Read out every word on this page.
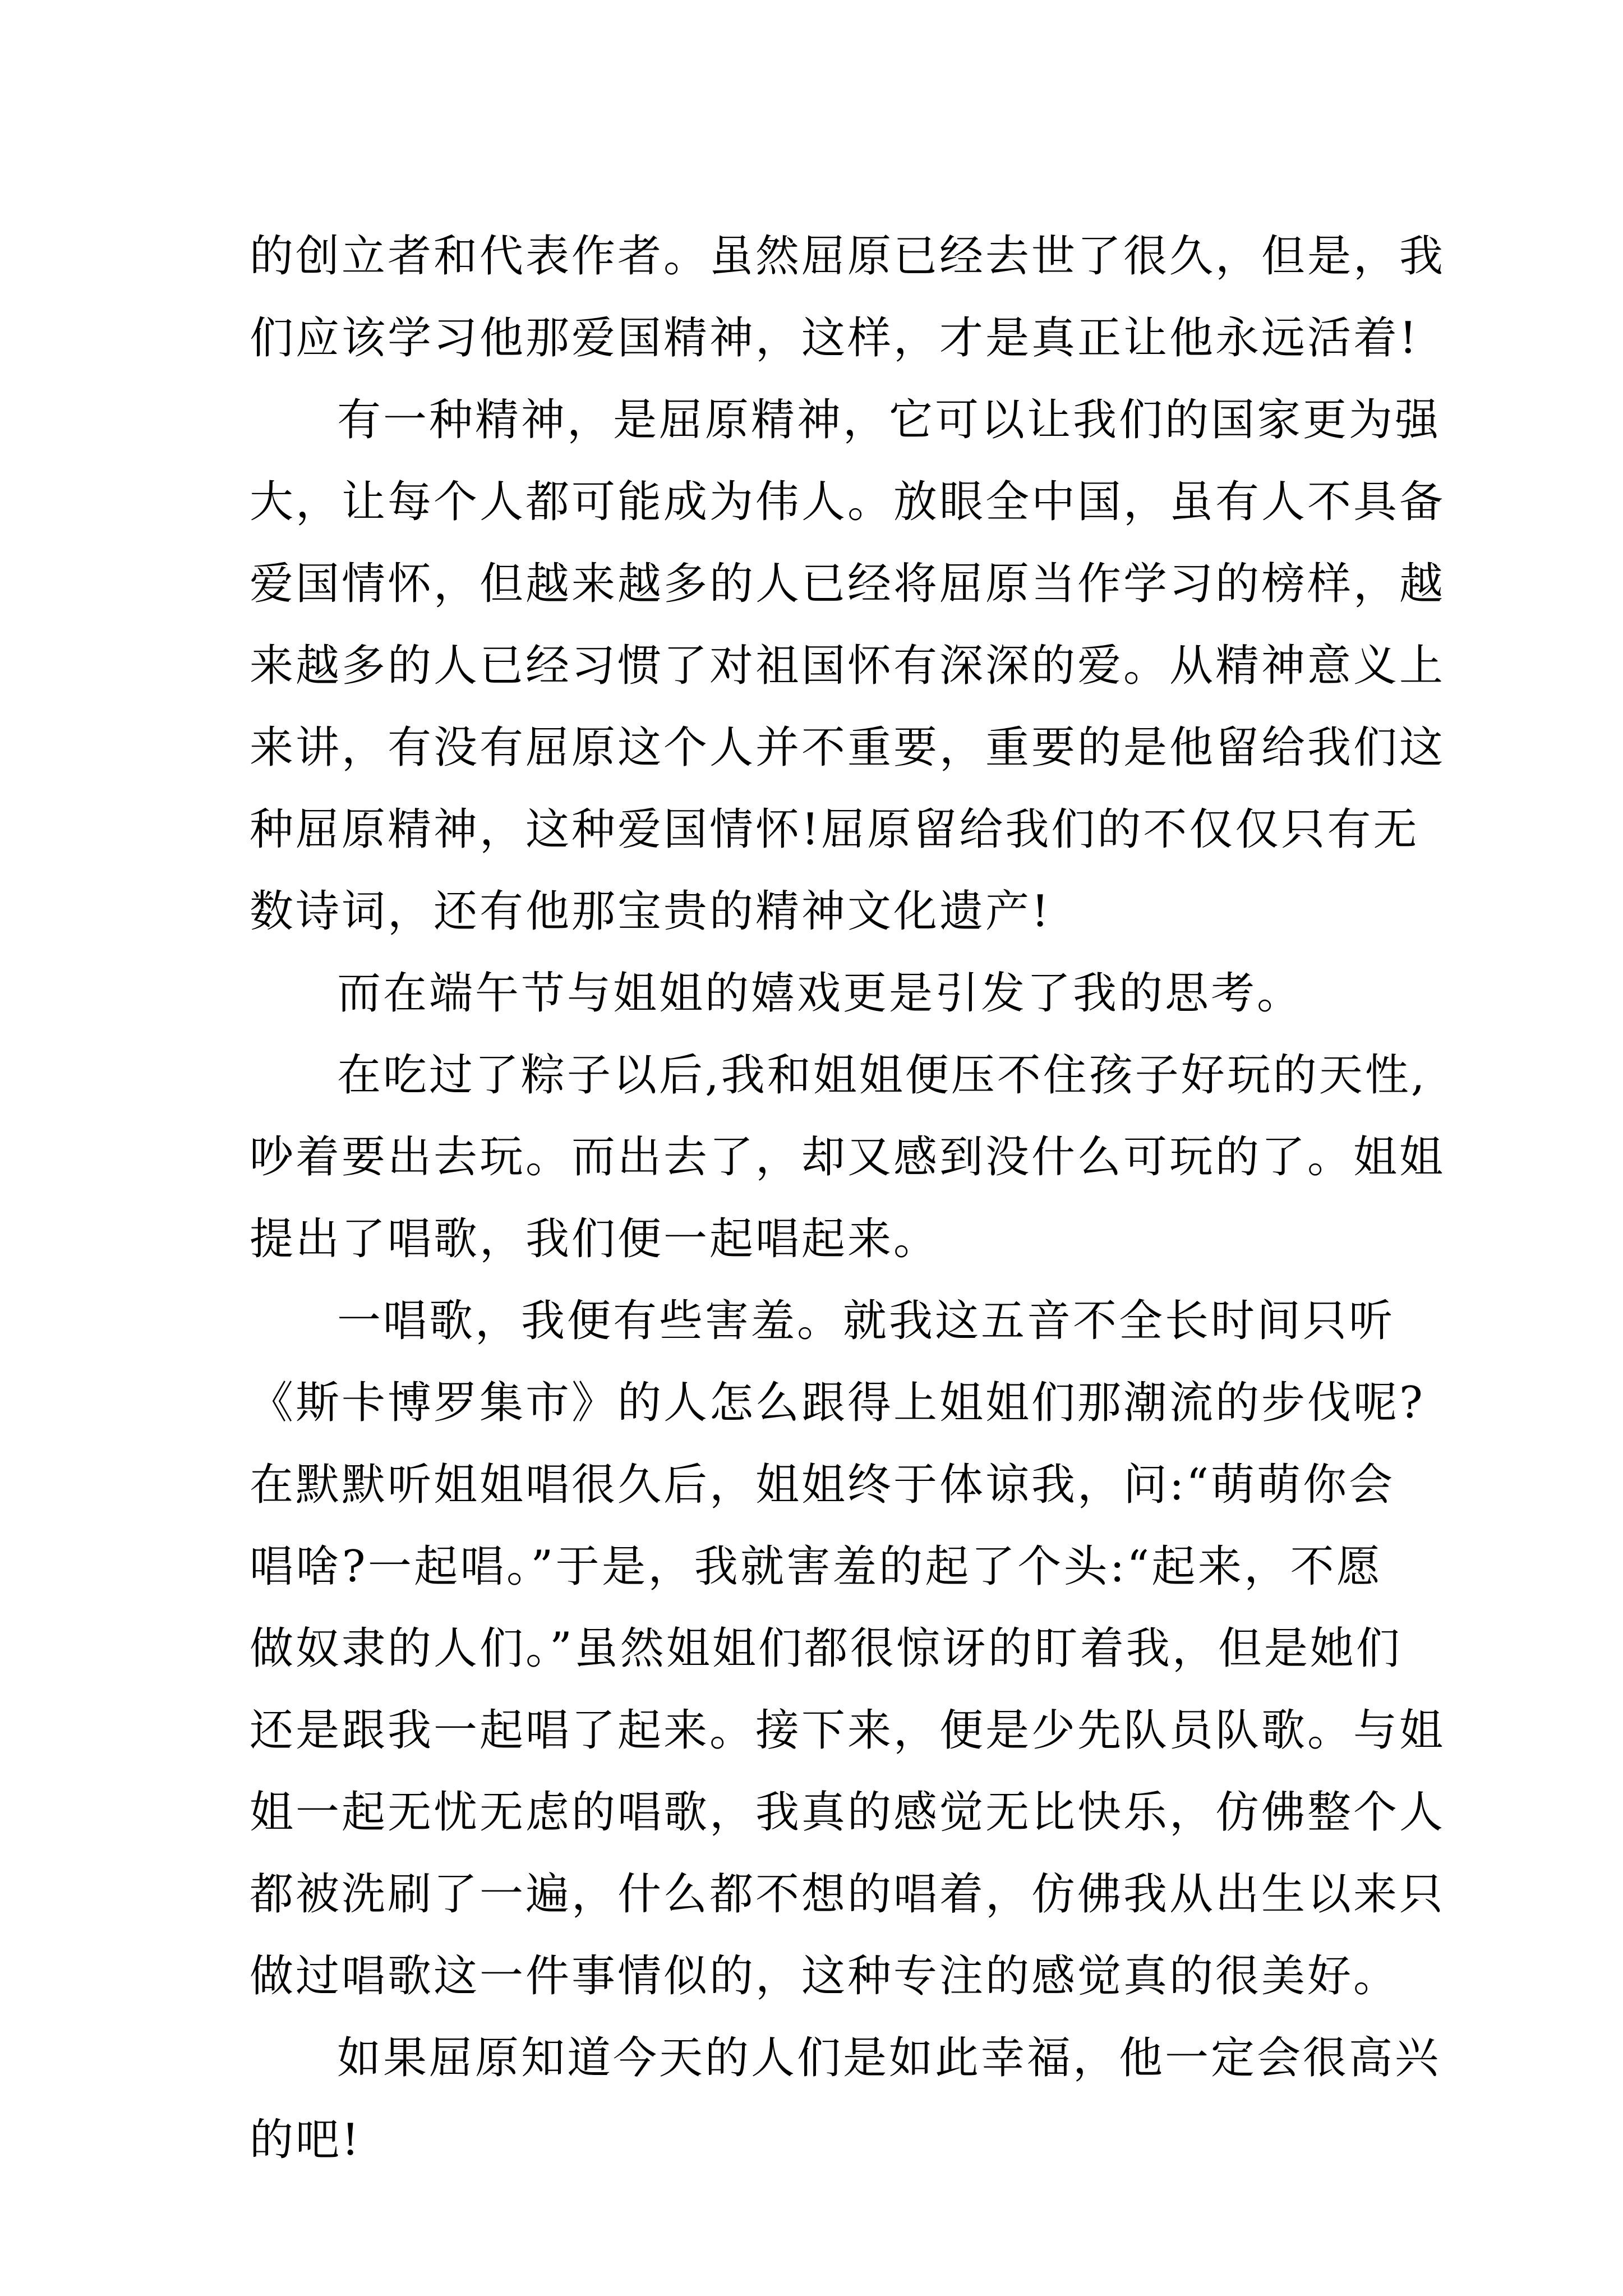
的创立者和代表作者。虽然屈原已经去世了很久，但是，我
们应该学习他那爱国精神，这样，才是真正让他永远活着!
有一种精神，是屈原精神，它可以让我们的国家更为强
大，让每个人都可能成为伟人。放眼全中国，虽有人不具备
爱国情怀，但越来越多的人已经将屈原当作学习的榜样，越
来越多的人已经习惯了对祖国怀有深深的爱。从精神意义上
来讲，有没有屈原这个人并不重要，重要的是他留给我们这
种屈原精神，这种爱国情怀!屈原留给我们的不仅仅只有无
数诗词，还有他那宝贵的精神文化遗产!
而在端午节与姐姐的嬉戏更是引发了我的思考。
在吃过了粽子以后,我和姐姐便压不住孩子好玩的天性,
吵着要出去玩。而出去了，却又感到没什么可玩的了。姐姐
提出了唱歌，我们便一起唱起来。
一唱歌，我便有些害羞。就我这五音不全长时间只听
《斯卡博罗集市》的人怎么跟得上姐姐们那潮流的步伐呢?
在默默听姐姐唱很久后，姐姐终于体谅我，问:“萌萌你会
唱啥?一起唱。”于是，我就害羞的起了个头:“起来，不愿
做奴隶的人们。”虽然姐姐们都很惊讶的盯着我，但是她们
还是跟我一起唱了起来。接下来，便是少先队员队歌。与姐
姐一起无忧无虑的唱歌，我真的感觉无比快乐，仿佛整个人
都被洗刷了一遍，什么都不想的唱着，仿佛我从出生以来只
做过唱歌这一件事情似的，这种专注的感觉真的很美好。
如果屈原知道今天的人们是如此幸福，他一定会很高兴
的吧!
